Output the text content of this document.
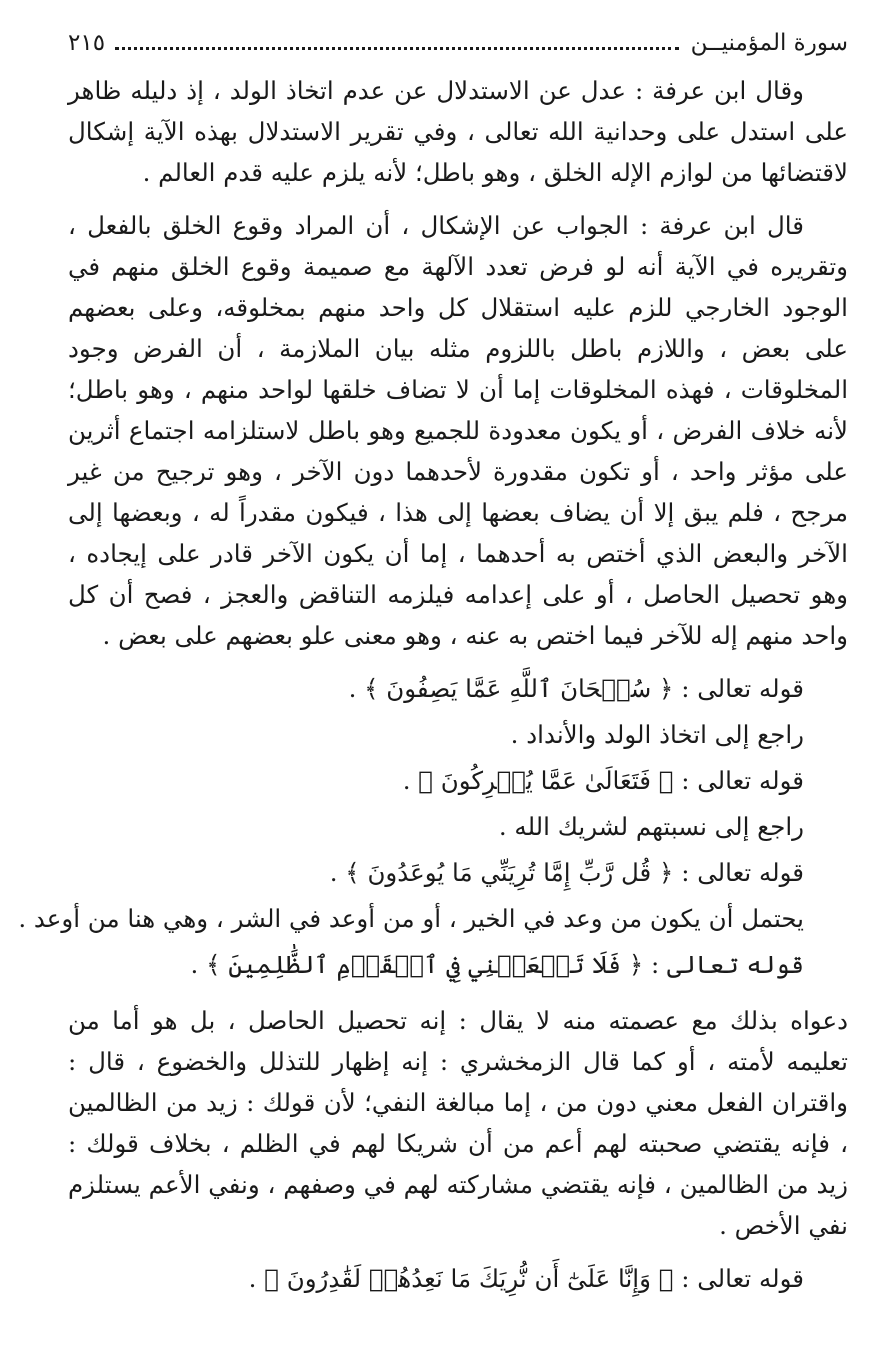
سورة المؤمنيــن
٢١٥

وقال ابن عرفة : عدل عن الاستدلال عن عدم اتخاذ الولد ، إذ دليله ظاهر على استدل على وحدانية الله تعالى ، وفي تقرير الاستدلال بهذه الآية إشكال لاقتضائها من لوازم الإله الخلق ، وهو باطل؛ لأنه يلزم عليه قدم العالم .

قال ابن عرفة : الجواب عن الإشكال ، أن المراد وقوع الخلق بالفعل ، وتقريره في الآية أنه لو فرض تعدد الآلهة مع صميمة وقوع الخلق منهم في الوجود الخارجي للزم عليه استقلال كل واحد منهم بمخلوقه، وعلى بعضهم على بعض ، واللازم باطل باللزوم مثله بيان الملازمة ، أن الفرض وجود المخلوقات ، فهذه المخلوقات إما أن لا تضاف خلقها لواحد منهم ، وهو باطل؛ لأنه خلاف الفرض ، أو يكون معدودة للجميع وهو باطل لاستلزامه اجتماع أثرين على مؤثر واحد ، أو تكون مقدورة لأحدهما دون الآخر ، وهو ترجيح من غير مرجح ، فلم يبق إلا أن يضاف بعضها إلى هذا ، فيكون مقدراً له ، وبعضها إلى الآخر والبعض الذي أختص به أحدهما ، إما أن يكون الآخر قادر على إيجاده ، وهو تحصيل الحاصل ، أو على إعدامه فيلزمه التناقض والعجز ، فصح أن كل واحد منهم إله للآخر فيما اختص به عنه ، وهو معنى علو بعضهم على بعض .

قوله تعالى : ﴿ سُبۡحَانَ ٱللَّهِ عَمَّا يَصِفُونَ ﴾ .
راجع إلى اتخاذ الولد والأنداد .
قوله تعالى : ﴿ فَتَعَالَىٰ عَمَّا يُشۡرِكُونَ ﴾ .
راجع إلى نسبتهم لشريك الله .
قوله تعالى : ﴿ قُل رَّبِّ إِمَّا تُرِيَنِّي مَا يُوعَدُونَ ﴾ .
يحتمل أن يكون من وعد في الخير ، أو من أوعد في الشر ، وهي هنا من أوعد .
قوله تعالى : ﴿ فَلَا تَجۡعَلۡنِي فِي ٱلۡقَوۡمِ ٱلظَّٰلِمِينَ ﴾ .

دعواه بذلك مع عصمته منه لا يقال : إنه تحصيل الحاصل ، بل هو أما من تعليمه لأمته ، أو كما قال الزمخشري : إنه إظهار للتذلل والخضوع ، قال : واقتران الفعل معني دون من ، إما مبالغة النفي؛ لأن قولك : زيد من الظالمين ، فإنه يقتضي صحبته لهم أعم من أن شريكا لهم في الظلم ، بخلاف قولك : زيد من الظالمين ، فإنه يقتضي مشاركته لهم في وصفهم ، ونفي الأعم يستلزم نفي الأخص .

قوله تعالى : ﴿ وَإِنَّا عَلَىٰٓ أَن نُّرِيَكَ مَا نَعِدُهُمۡ لَقَٰدِرُونَ ﴾ .
